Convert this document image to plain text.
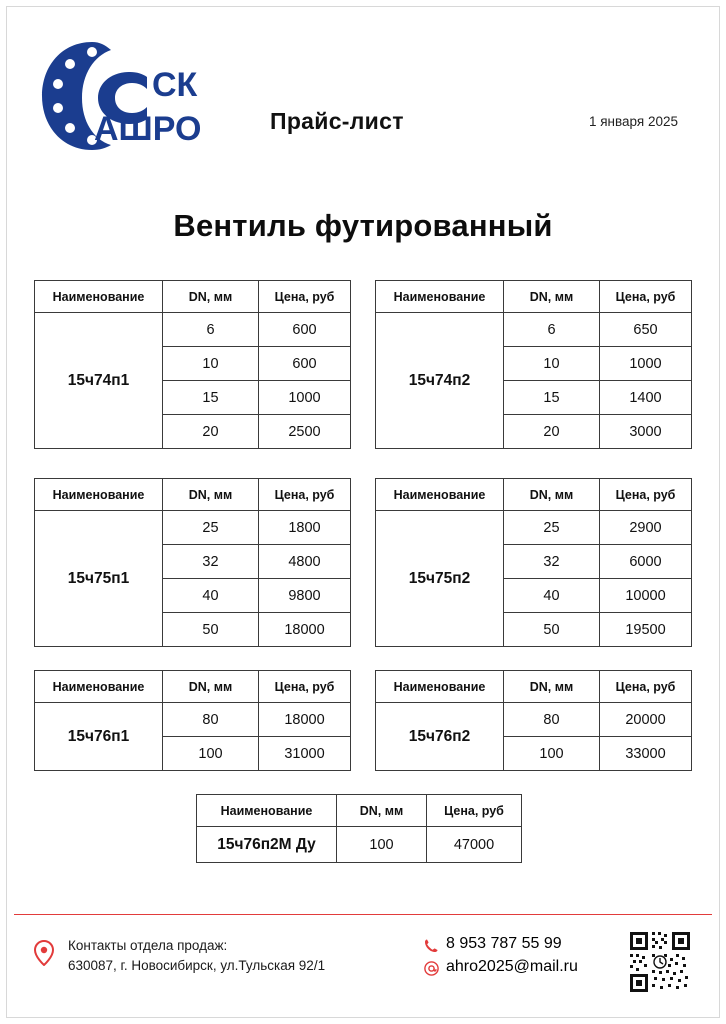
СК
АШРО	Прайс-лист	1 января 2025
Вентиль футированный
Наименование	DN, мм	Цена, руб
15ч74п1	6	600
	10	600
	15	1000
	20	2500
Наименование	DN, мм	Цена, руб
15ч74п2	6	650
	10	1000
	15	1400
	20	3000
Наименование	DN, мм	Цена, руб
15ч75п1	25	1800
	32	4800
	40	9800
	50	18000
Наименование	DN, мм	Цена, руб
15ч75п2	25	2900
	32	6000
	40	10000
	50	19500
Наименование	DN, мм	Цена, руб
15ч76п1	80	18000
	100	31000
Наименование	DN, мм	Цена, руб
15ч76п2	80	20000
	100	33000
Наименование	DN, мм	Цена, руб
15ч76п2М Ду	100	47000
Контакты отдела продаж:
630087, г. Новосибирск, ул.Тульская 92/1
8 953 787 55 99
ahro2025@mail.ru
